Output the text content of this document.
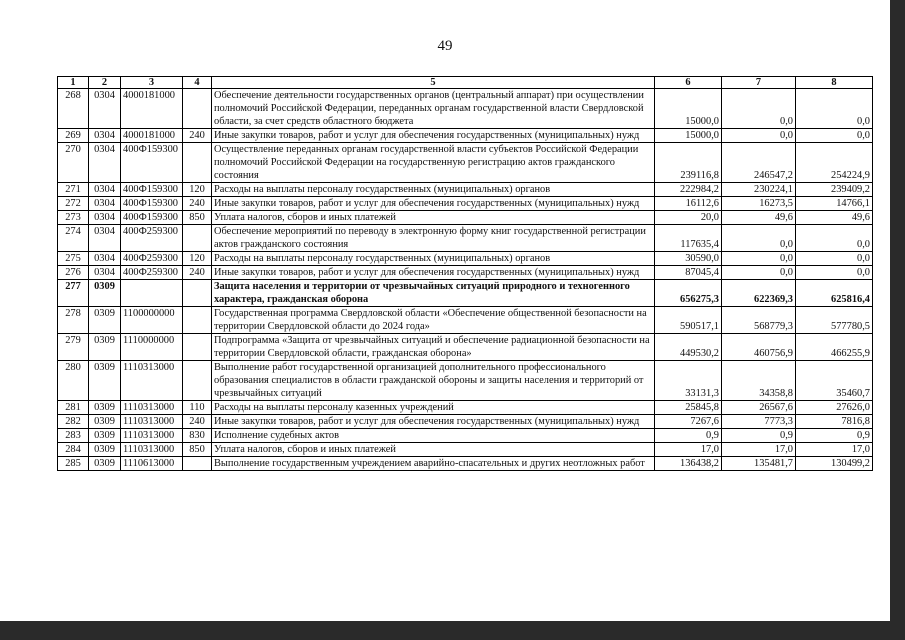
49
1	2	3	4	5	6	7	8
268	0304	4000181000		Обеспечение деятельности государственных органов (центральный аппарат) при осуществлении полномочий Российской Федерации, переданных органам государственной власти Свердловской области, за счет средств областного бюджета	15000,0	0,0	0,0
269	0304	4000181000	240	Иные закупки товаров, работ и услуг для обеспечения государственных (муниципальных) нужд	15000,0	0,0	0,0
270	0304	400Ф159300		Осуществление переданных органам государственной власти субъектов Российской Федерации полномочий Российской Федерации на государственную регистрацию актов гражданского состояния	239116,8	246547,2	254224,9
271	0304	400Ф159300	120	Расходы на выплаты персоналу государственных (муниципальных) органов	222984,2	230224,1	239409,2
272	0304	400Ф159300	240	Иные закупки товаров, работ и услуг для обеспечения государственных (муниципальных) нужд	16112,6	16273,5	14766,1
273	0304	400Ф159300	850	Уплата налогов, сборов и иных платежей	20,0	49,6	49,6
274	0304	400Ф259300		Обеспечение мероприятий по переводу в электронную форму книг государственной регистрации актов гражданского состояния	117635,4	0,0	0,0
275	0304	400Ф259300	120	Расходы на выплаты персоналу государственных (муниципальных) органов	30590,0	0,0	0,0
276	0304	400Ф259300	240	Иные закупки товаров, работ и услуг для обеспечения государственных (муниципальных) нужд	87045,4	0,0	0,0
277	0309			Защита населения и территории от чрезвычайных ситуаций природного и техногенного характера, гражданская оборона	656275,3	622369,3	625816,4
278	0309	1100000000		Государственная программа Свердловской области «Обеспечение общественной безопасности на территории Свердловской области до 2024 года»	590517,1	568779,3	577780,5
279	0309	1110000000		Подпрограмма «Защита от чрезвычайных ситуаций и обеспечение радиационной безопасности на территории Свердловской области, гражданская оборона»	449530,2	460756,9	466255,9
280	0309	1110313000		Выполнение работ государственной организацией дополнительного профессионального образования специалистов в области гражданской обороны и защиты населения и территорий от чрезвычайных ситуаций	33131,3	34358,8	35460,7
281	0309	1110313000	110	Расходы на выплаты персоналу казенных учреждений	25845,8	26567,6	27626,0
282	0309	1110313000	240	Иные закупки товаров, работ и услуг для обеспечения государственных (муниципальных) нужд	7267,6	7773,3	7816,8
283	0309	1110313000	830	Исполнение судебных актов	0,9	0,9	0,9
284	0309	1110313000	850	Уплата налогов, сборов и иных платежей	17,0	17,0	17,0
285	0309	1110613000		Выполнение государственным учреждением аварийно-спасательных и других неотложных работ	136438,2	135481,7	130499,2
